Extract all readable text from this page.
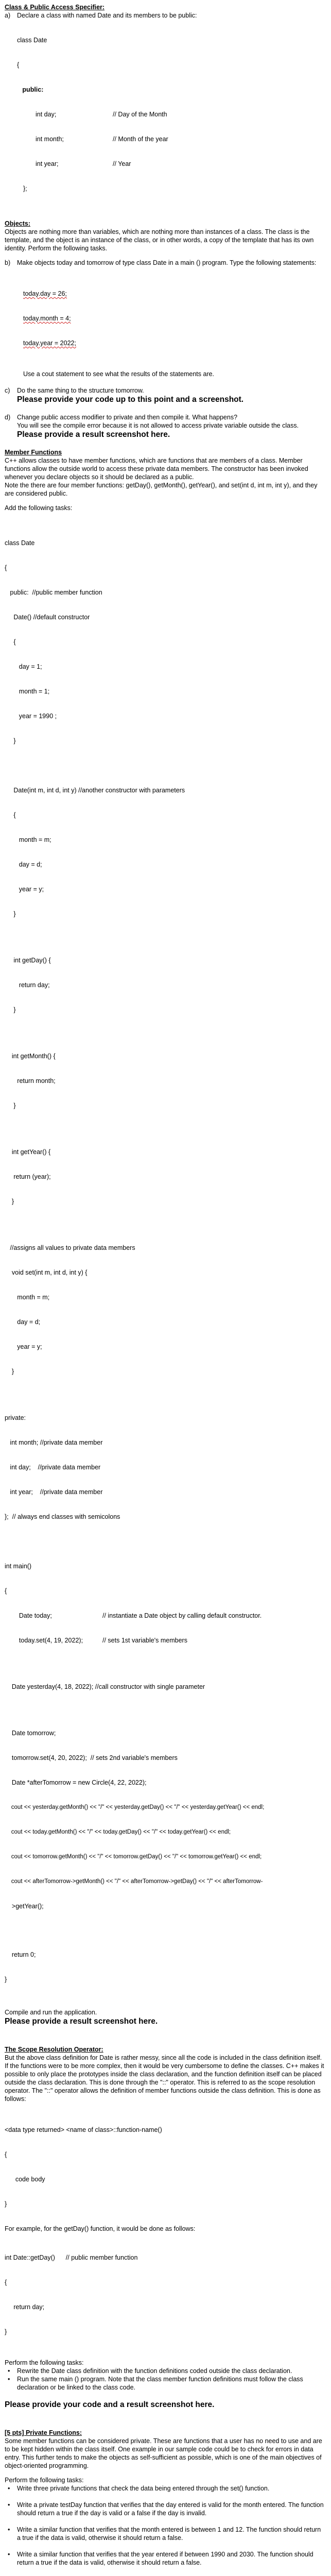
Class & Public Access Specifier:
a) Declare a class with named Date and its members to be public:

class Date

{

public:

int day;	// Day of the Month

int month;	// Month of the year

int year;	// Year

};

Objects:
Objects are nothing more than variables, which are nothing more than instances of a class. The class is the template, and the object is an instance of the class, or in other words, a copy of the template that has its own identity. Perform the following tasks.
b) Make objects today and tomorrow of type class Date in a main () program. Type the following statements:

today.day = 26;

today.month = 4;

today.year = 2022;

Use a cout statement to see what the results of the statements are.
c) Do the same thing to the structure tomorrow.
Please provide your code up to this point and a screenshot.
d) Change public access modifier to private and then compile it. What happens?
You will see the compile error because it is not allowed to access private variable outside the class.
Please provide a result screenshot here.
Member Functions
C++ allows classes to have member functions, which are functions that are members of a class. Member functions allow the outside world to access these private data members. The constructor has been invoked whenever you declare objects so it should be declared as a public.
Note the there are four member functions: getDay(), getMonth(), getYear(), and set(int d, int m, int y), and they are considered public.
Add the following tasks:

class Date

{

public:  //public member function

Date() //default constructor

{

day = 1;

month = 1;

year = 1990 ;

}

Date(int m, int d, int y) //another constructor with parameters

{

month = m;

day = d;

year = y;

}

int getDay() {

return day;

}

int getMonth() {

return month;

}

int getYear() {

return (year);

}

//assigns all values to private data members

void set(int m, int d, int y) {

month = m;

day = d;

year = y;

}

private:

int month; //private data member

int day;    //private data member

int year;    //private data member

};  // always end classes with semicolons

int main()

{

Date today;	// instantiate a Date object by calling default constructor.

today.set(4, 19, 2022);	// sets 1st variable's members

Date yesterday(4, 18, 2022); //call constructor with single parameter

Date tomorrow;

tomorrow.set(4, 20, 2022);  // sets 2nd variable's members

Date *afterTomorrow = new Circle(4, 22, 2022);

cout << yesterday.getMonth() << "/" << yesterday.getDay() << "/" << yesterday.getYear() << endl;

cout << today.getMonth() << "/" << today.getDay() << "/" << today.getYear() << endl;

cout << tomorrow.getMonth() << "/" << tomorrow.getDay() << "/" << tomorrow.getYear() << endl;

cout << afterTomorrow->getMonth() << "/" << afterTomorrow->getDay() << "/" << afterTomorrow-

>getYear();

return 0;

}

Compile and run the application.
Please provide a result screenshot here.
The Scope Resolution Operator:
But the above class definition for Date is rather messy, since all the code is included in the class definition itself. If the functions were to be more complex, then it would be very cumbersome to define the classes. C++ makes it possible to only place the prototypes inside the class declaration, and the function definition itself can be placed outside the class declaration. This is done through the "::" operator. This is referred to as the scope resolution operator. The "::" operator allows the definition of member functions outside the class definition. This is done as follows:

<data type returned> <name of class>::function-name()

{

code body

}

For example, for the getDay() function, it would be done as follows:

int Date::getDay()      // public member function

{

return day;

}

Perform the following tasks:
• Rewrite the Date class definition with the function definitions coded outside the class declaration.
• Run the same main () program. Note that the class member function definitions must follow the class declaration or be linked to the class code.
Please provide your code and a result screenshot here.
[5 pts] Private Functions:
Some member functions can be considered private. These are functions that a user has no need to use and are to be kept hidden within the class itself. One example in our sample code could be to check for errors in data entry. This further tends to make the objects as self-sufficient as possible, which is one of the main objectives of object-oriented programming.
Perform the following tasks:
• Write three private functions that check the data being entered through the set() function.
• Write a private testDay function that verifies that the day entered is valid for the month entered. The function should return a true if the day is valid or a false if the day is invalid.
• Write a similar function that verifies that the month entered is between 1 and 12. The function should return a true if the data is valid, otherwise it should return a false.
• Write a similar function that verifies that the year entered if between 1990 and 2030. The function should return a true if the data is valid, otherwise it should return a false.
